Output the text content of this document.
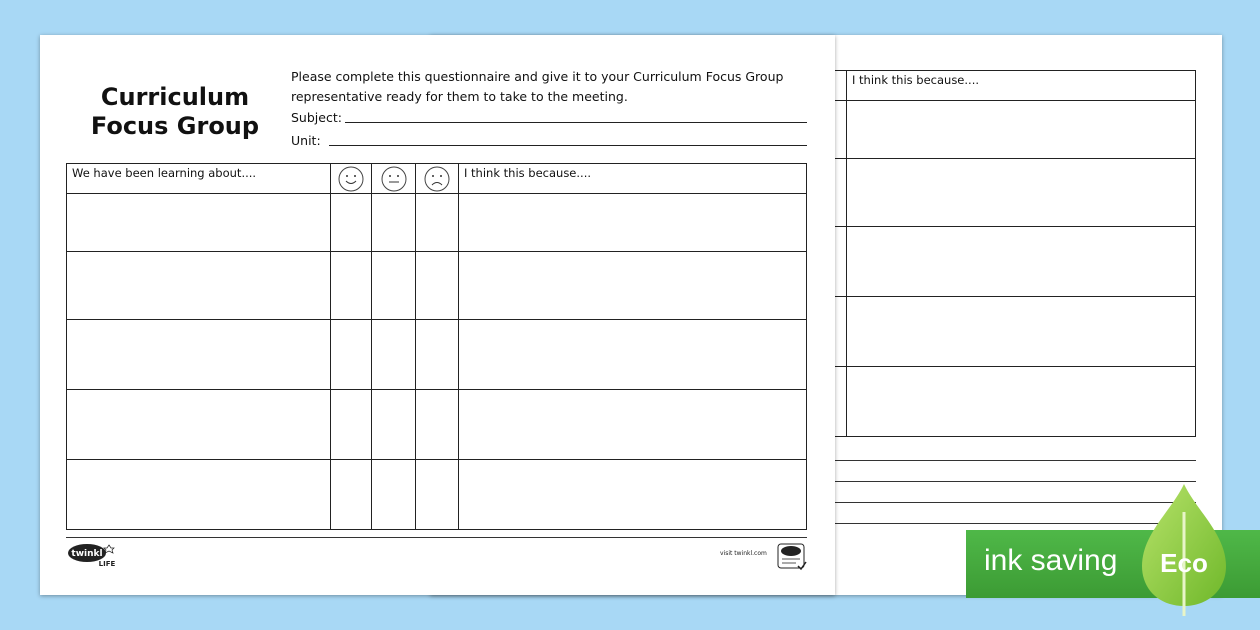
	I think this because....

Curriculum
Focus Group
Please complete this questionnaire and give it to your Curriculum Focus Group
representative ready for them to take to the meeting.
Subject:
Unit:
We have been learning about....				I think this because....

twinkl
LIFE
visit twinkl.com	ink saving Eco
